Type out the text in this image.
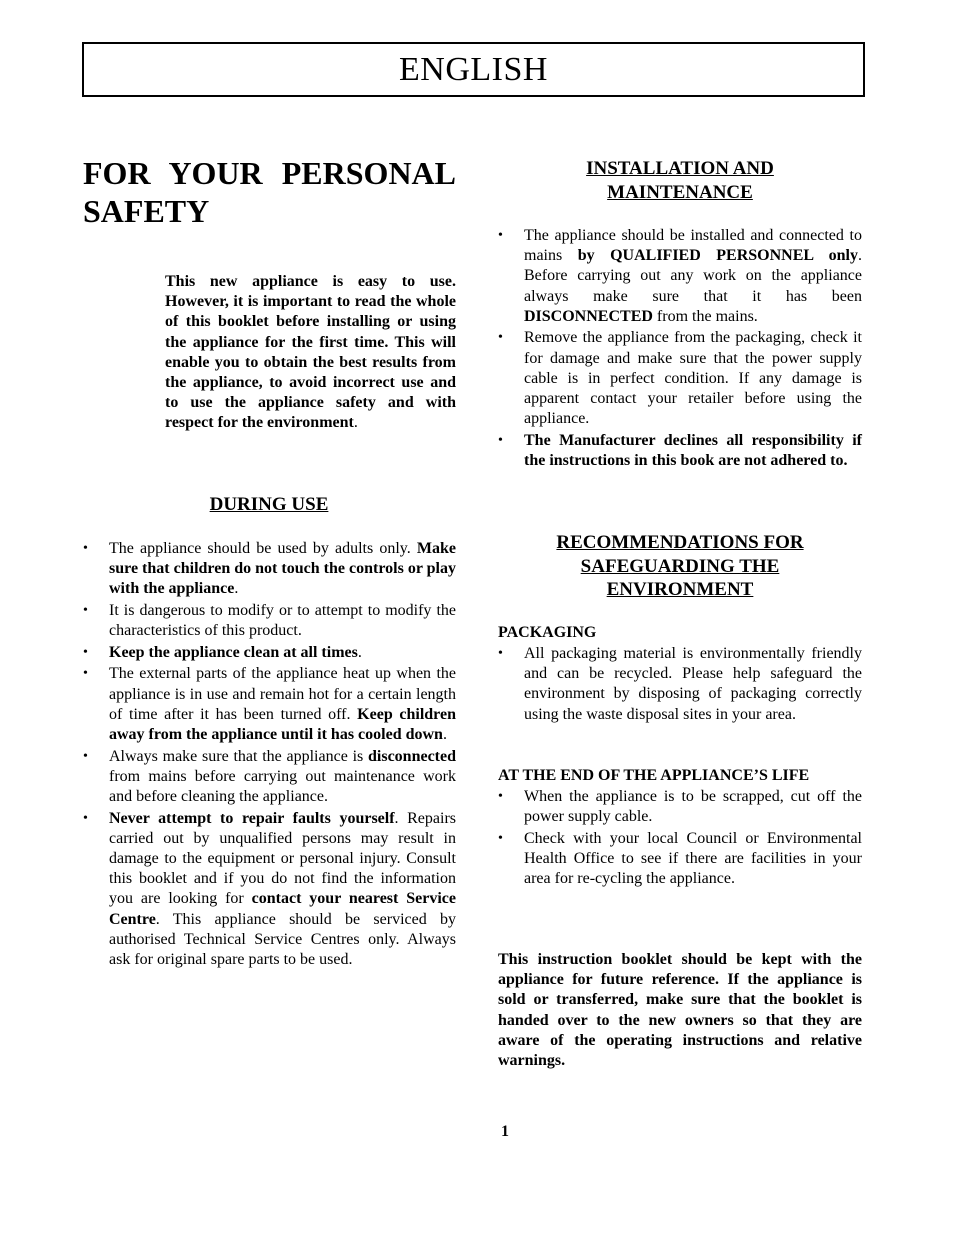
ENGLISH
FOR YOUR PERSONAL
SAFETY

This new appliance is easy to use. However, it is important to read the whole of this booklet before installing or using the appliance for the first time. This will enable you to obtain the best results from the appliance, to avoid incorrect use and to use the appliance safety and with respect for the environment.

DURING USE
•	The appliance should be used by adults only. Make sure that children do not touch the controls or play with the appliance.
•	It is dangerous to modify or to attempt to modify the characteristics of this product.
•	Keep the appliance clean at all times.
•	The external parts of the appliance heat up when the appliance is in use and remain hot for a certain length of time after it has been turned off. Keep children away from the appliance until it has cooled down.
•	Always make sure that the appliance is disconnected from mains before carrying out maintenance work and before cleaning the appliance.
•	Never attempt to repair faults yourself. Repairs carried out by unqualified persons may result in damage to the equipment or personal injury. Consult this booklet and if you do not find the information you are looking for contact your nearest Service Centre. This appliance should be serviced by authorised Technical Service Centres only. Always ask for original spare parts to be used.
INSTALLATION AND
MAINTENANCE
•	The appliance should be installed and connected to mains by QUALIFIED PERSONNEL only. Before carrying out any work on the appliance always make sure that it has been DISCONNECTED from the mains.
•	Remove the appliance from the packaging, check it for damage and make sure that the power supply cable is in perfect condition. If any damage is apparent contact your retailer before using the appliance.
•	The Manufacturer declines all responsibility if the instructions in this book are not adhered to.
RECOMMENDATIONS FOR
SAFEGUARDING THE
ENVIRONMENT

PACKAGING

•	All packaging material is environmentally friendly and can be recycled. Please help safeguard the environment by disposing of packaging correctly using the waste disposal sites in your area.

AT THE END OF THE APPLIANCE’S LIFE

•	When the appliance is to be scrapped, cut off the power supply cable.
•	Check with your local Council or Environmental Health Office to see if there are facilities in your area for re-cycling the appliance.

This instruction booklet should be kept with the appliance for future reference. If the appliance is sold or transferred, make sure that the booklet is handed over to the new owners so that they are aware of the operating instructions and relative warnings.

1
